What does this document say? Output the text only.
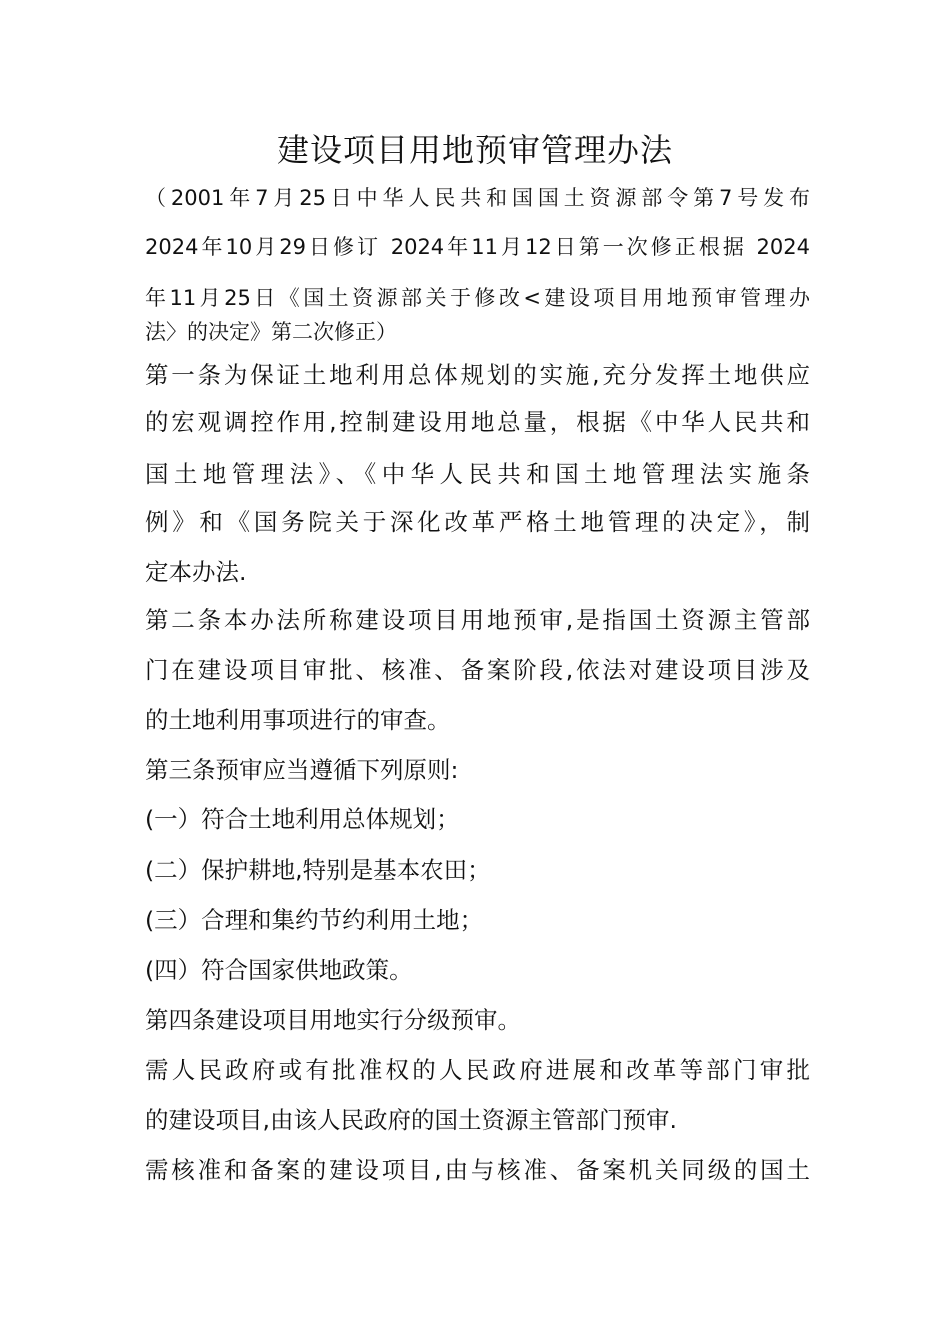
建设项目用地预审管理办法

（2001年7月25日中华人民共和国国土资源部令第7号发布

2024年10月29日修订 2024年11月12日第一次修正根据 2024

年11月25日《国土资源部关于修改<建设项目用地预审管理办

法〉的决定》第二次修正）

第一条为保证土地利用总体规划的实施,充分发挥土地供应

的宏观调控作用,控制建设用地总量，根据《中华人民共和

国土地管理法》、《中华人民共和国土地管理法实施条

例》和《国务院关于深化改革严格土地管理的决定》，制

定本办法.

第二条本办法所称建设项目用地预审,是指国土资源主管部

门在建设项目审批、核准、备案阶段,依法对建设项目涉及

的土地利用事项进行的审查。

第三条预审应当遵循下列原则:

(一）符合土地利用总体规划；

(二）保护耕地,特别是基本农田；

(三）合理和集约节约利用土地；

(四）符合国家供地政策。

第四条建设项目用地实行分级预审。

需人民政府或有批准权的人民政府进展和改革等部门审批

的建设项目,由该人民政府的国土资源主管部门预审.

需核准和备案的建设项目,由与核准、备案机关同级的国土
